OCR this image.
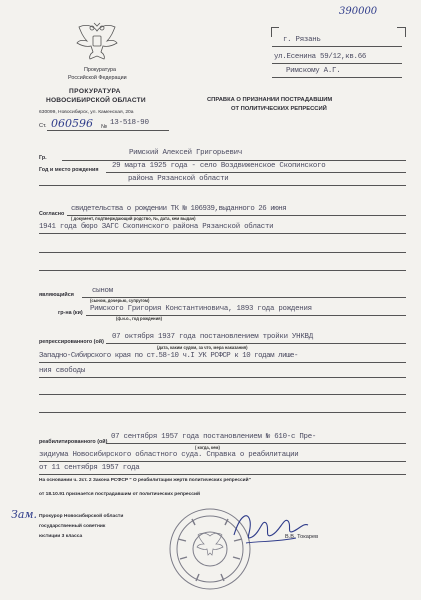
390000
г. Рязань
ул.Есенина 59/12,кв.66
Римскому А.Г.
Прокуратура
Российской Федерации
ПРОКУРАТУРА
НОВОСИБИРСКОЙ ОБЛАСТИ
630099, Новосибирск, ул. Каменская, 20а
Ст. 060596 № 13-518-90
СПРАВКА О ПРИЗНАНИИ ПОСТРАДАВШИМ
ОТ ПОЛИТИЧЕСКИХ РЕПРЕССИЙ
Гр.
Римский Алексей Григорьевич
Год и место рождения 29 марта 1925 года - село Воздвиженское Скопинского
района Рязанской области
Согласно
свидетельства о рождении ТК № 106939,выданного 26 июня
( документ, подтверждающий родство, №, дата, кем выдан)
1941 года бюро ЗАГС Скопинского района Рязанской области
являющийся сыном
(сыном, дочерью, супругом)
гр-на (ки) Римского Григория Константиновича, 1893 года рождения
(ф.и.о., год рождения)
репрессированного (ой)
07 октября 1937 года постановлением тройки УНКВД
(дата, каким судом, за что, мера наказания)
Западно-Сибирского края по ст.58-10 ч.I УК РСФСР к 10 годам лише-
ния свободы
реабилитированного (ой)
07 сентября 1957 года постановлением № 610-с Пре-
( когда, кем)
зидиума Новосибирского областного суда. Справка о реабилитации
от 11 сентября 1957 года
На основании ч. 2ст. 2 Закона РСФСР " О реабилитации жертв политических репрессий"
от 18.10.91 признается пострадавшим от политических репрессий
Зам. Прокурор Новосибирской области
государственный советник
юстиции 3 класса	В.В. Токарев
